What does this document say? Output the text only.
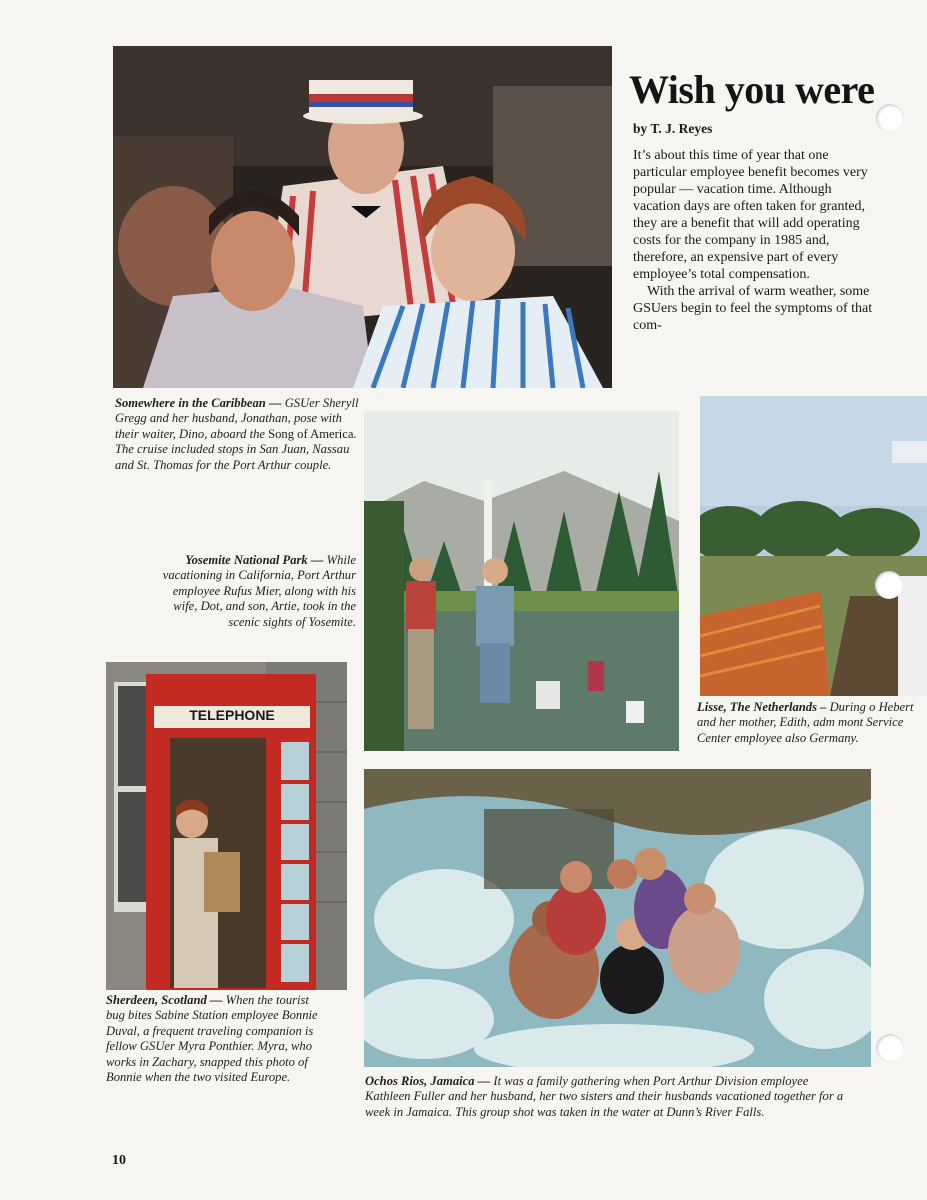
Wish you were
by T. J. Reyes

It’s about this time of year that one particular employee benefit becomes very popular — vacation time. Although vacation days are often taken for granted, they are a benefit that will add operating costs for the company in 1985 and, therefore, an expensive part of every employee’s total compensation.

With the arrival of warm weather, some GSUers begin to feel the symptoms of that com-

Somewhere in the Caribbean — GSUer Sheryll Gregg and her husband, Jonathan, pose with their waiter, Dino, aboard the Song of America. The cruise included stops in San Juan, Nassau and St. Thomas for the Port Arthur couple.
Yosemite National Park — While vacationing in California, Port Arthur employee Rufus Mier, along with his wife, Dot, and son, Artie, took in the scenic sights of Yosemite.
Lisse, The Netherlands – During o Hebert and her mother, Edith, adm mont Service Center employee also Germany.
TELEPHONE
Sherdeen, Scotland — When the tourist bug bites Sabine Station employee Bonnie Duval, a frequent traveling companion is fellow GSUer Myra Ponthier. Myra, who works in Zachary, snapped this photo of Bonnie when the two visited Europe.	Ochos Rios, Jamaica — It was a family gathering when Port Arthur Division employee Kathleen Fuller and her husband, her two sisters and their husbands vacationed together for a week in Jamaica. This group shot was taken in the water at Dunn’s River Falls.
10
